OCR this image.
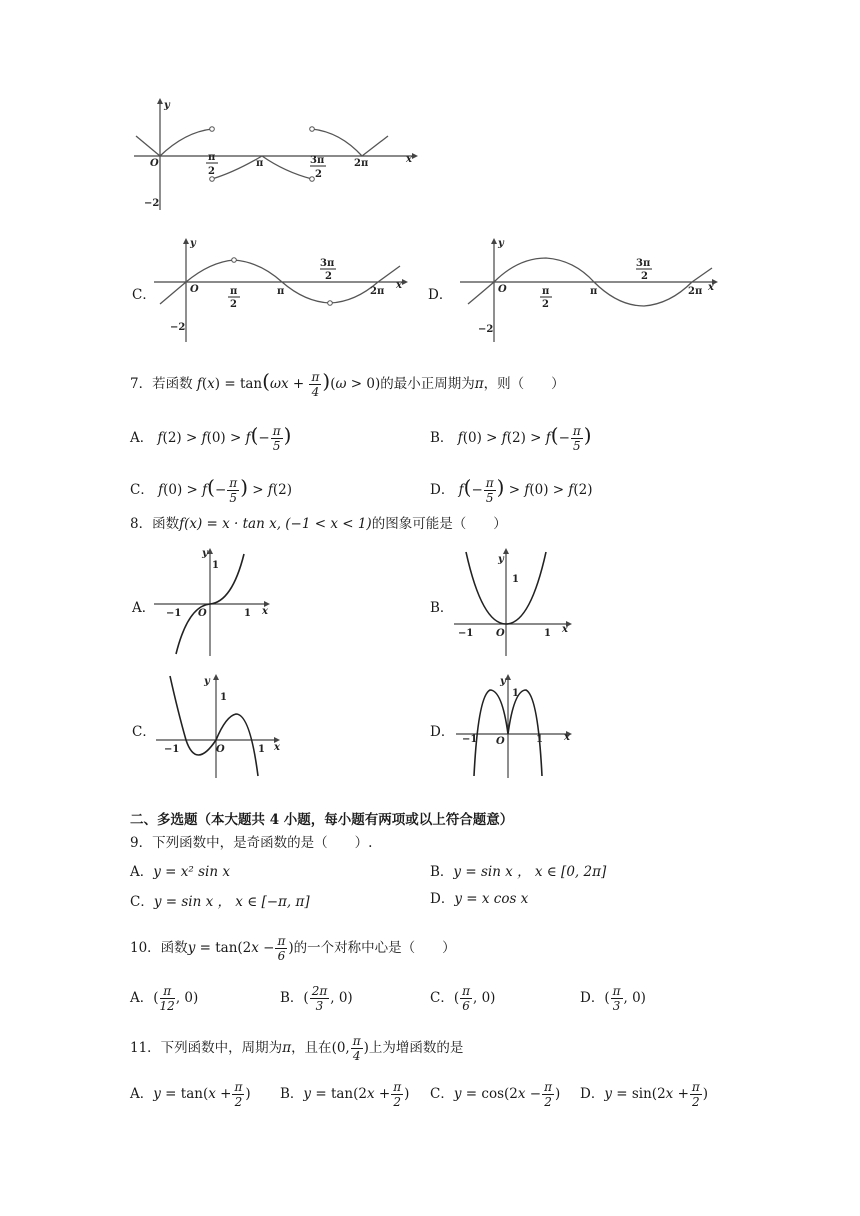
y
x
O
π
2
π	3π
2
2π
−2
C．
y
x
O	π
2
π
3π
2
2π
−2
D．
y
x
O	π
2
π
3π
2
2π
−2
7．若函数 $f(x) = \tan(\omega x + \frac{\pi}{4} )(\omega > 0)$的最小正周期为π，则（　　）
A． $f(2) > f(0) > f(- \frac{\pi}{5}$ )	B． $f(0) > f(2) > f(- \frac{\pi}{5}$ )
C． $f(0) > f(- \frac{\pi}{5}$ ) > f(2)	D． $f(- \frac{\pi}{5}$ ) > f(0) > f(2)
8．函数f(x) = x · tan x, (−1 < x < 1)的图象可能是（　　）
A．
y
1
−1 O	1 x	B．
y
1
−1 O	1 x
C．
y
1
−1	O	1 x
D．
y
1
−1 O	1 x
二、多选题（本大题共 4 小题，每小题有两项或以上符合题意）
9．下列函数中，是奇函数的是（　　）.
A．y = x² sin x	B．y = sin x ， x ∈ [0, 2π]
C．y = sin x ， x ∈ [−π, π]	D．y = x cos x
10．函数$y = \tan(2x - \frac{\pi}{6}$ )的一个对称中心是（　　）
A．( $\frac{\pi}{12}$ , 0)	B．( $\frac{2\pi}{3}$ , 0)	C．( $\frac{\pi}{6}$ , 0)	D．( $\frac{\pi}{3}$ , 0)
11．下列函数中，周期为π，且在(0, $\frac{\pi}{4}$ )上为增函数的是
A．$y = \tan(x + \frac{\pi}{2}$ ) B．$y = \tan(2x + \frac{\pi}{2}$ ) C．$y = \cos(2x - \frac{\pi}{2}$ ) D．$y = \sin(2x + \frac{\pi}{2}$ )
